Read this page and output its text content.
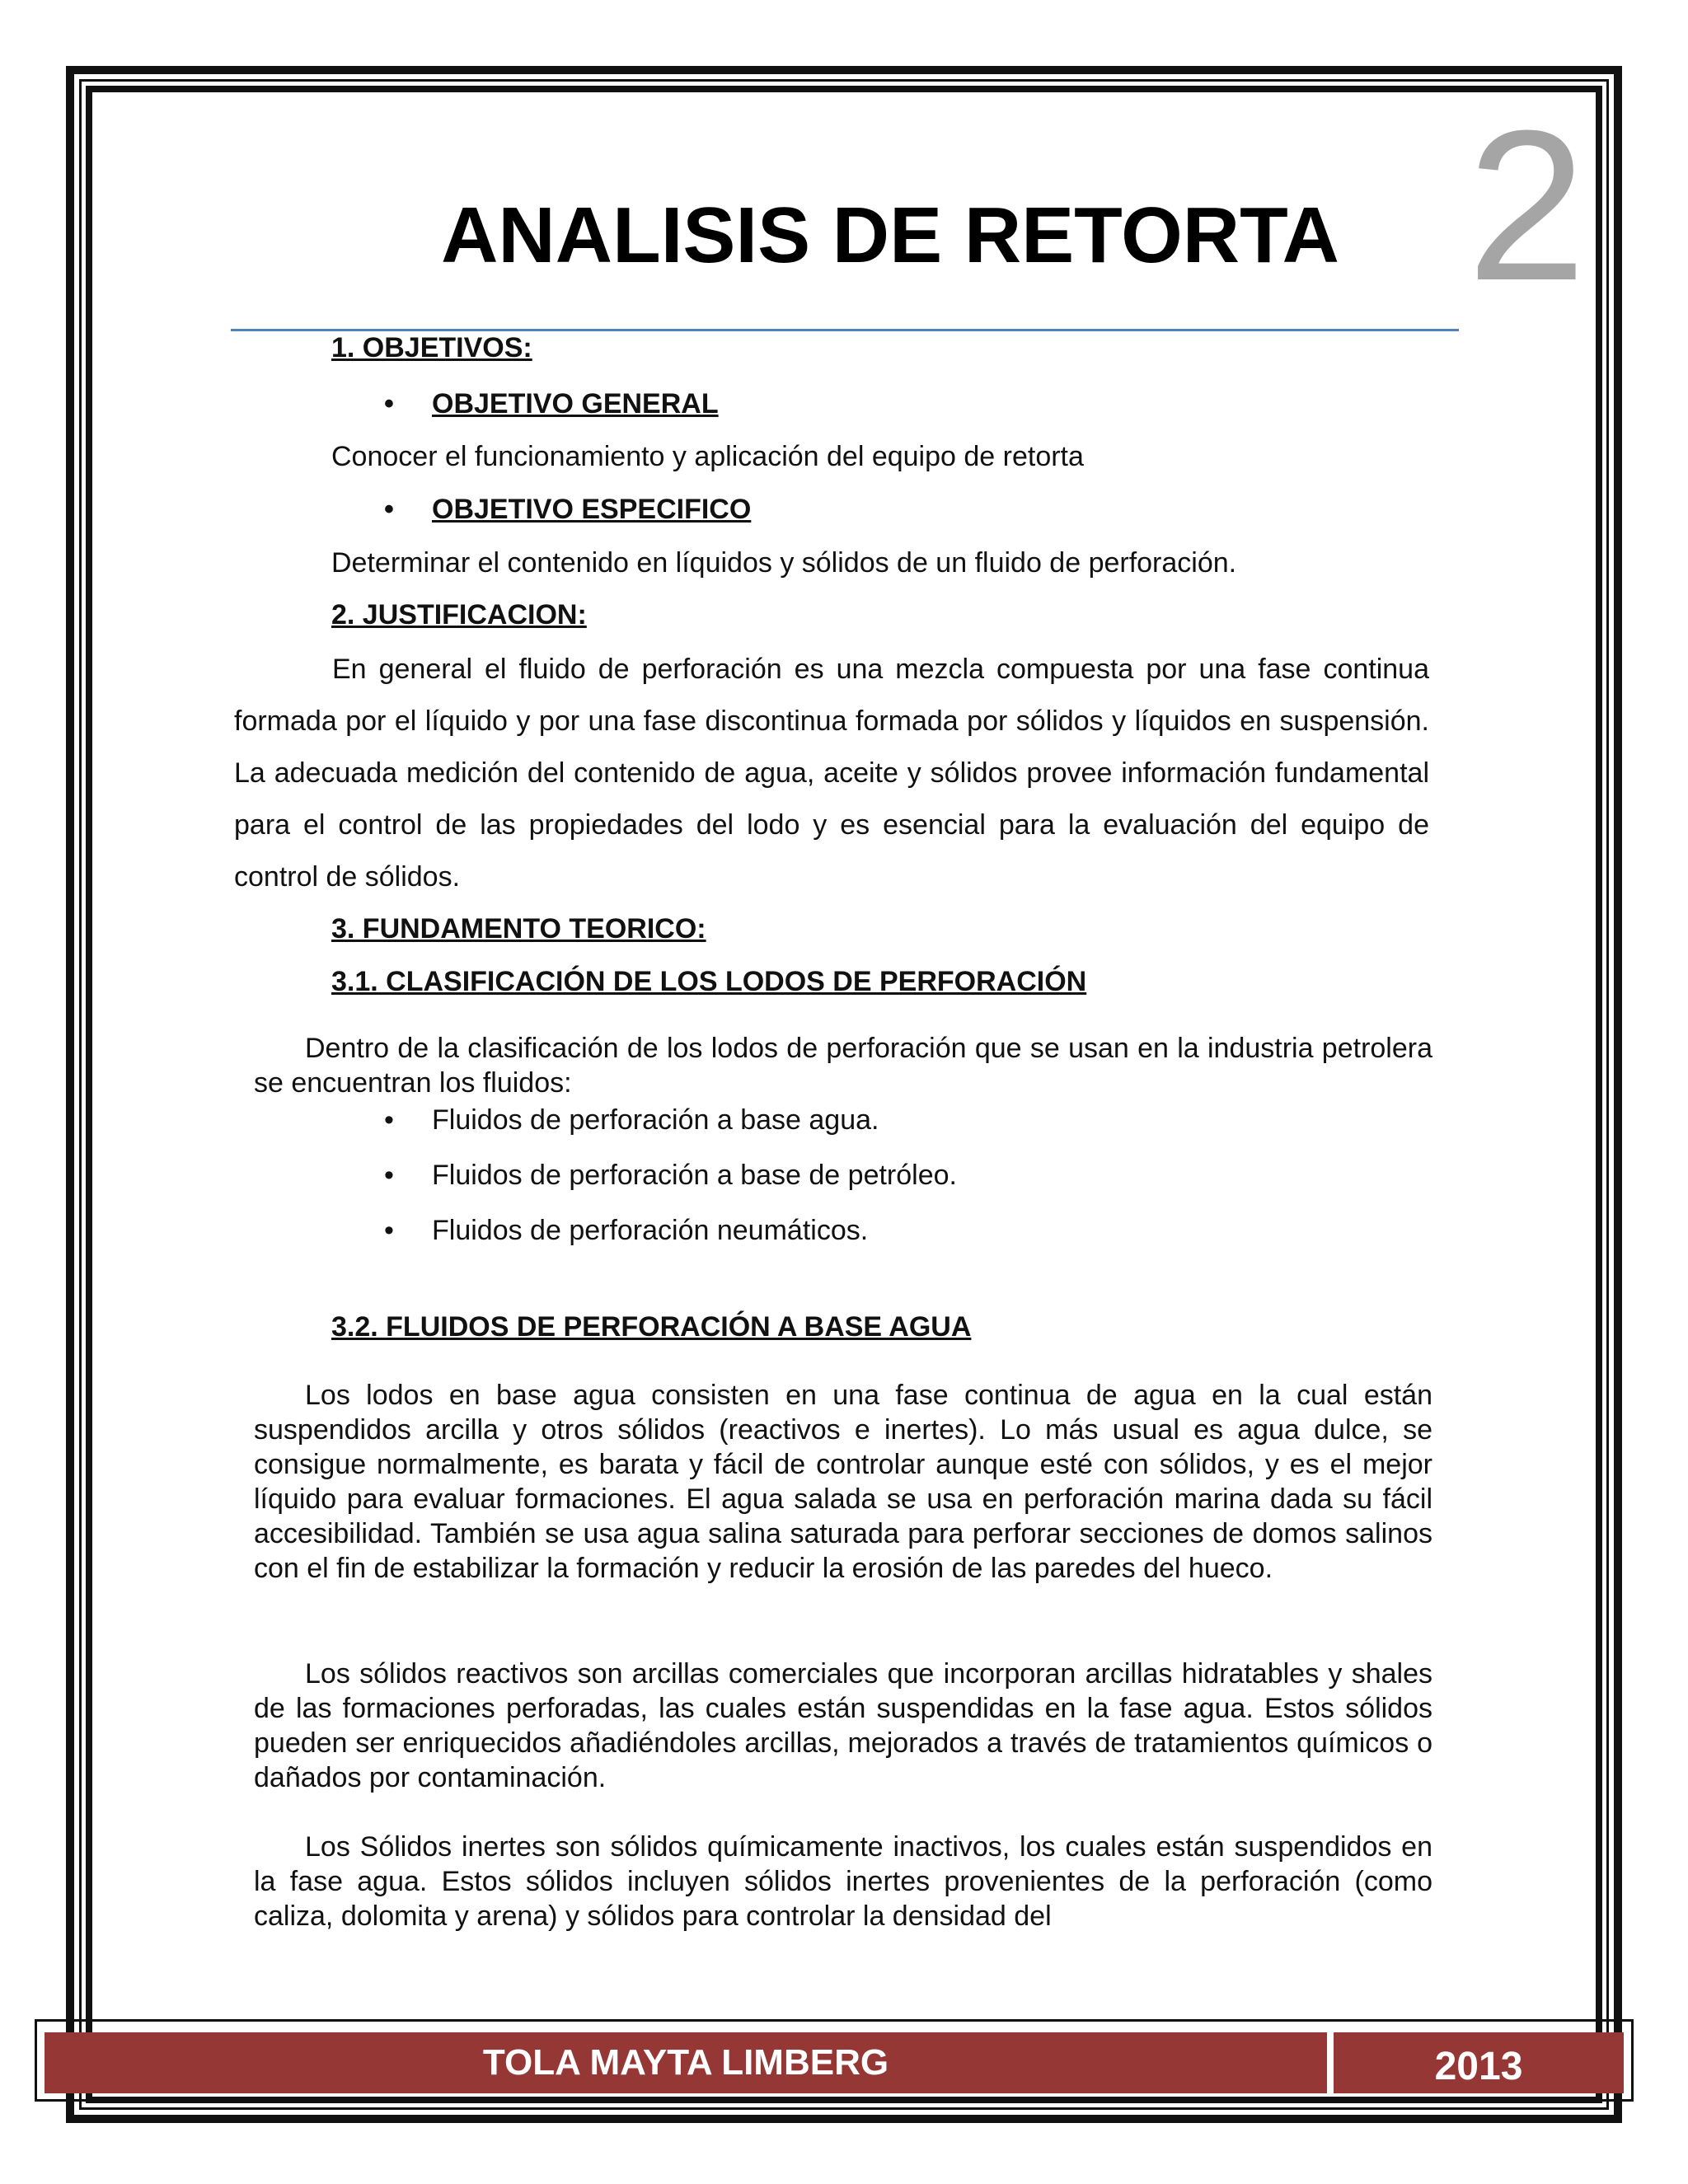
2
ANALISIS DE RETORTA
1. OBJETIVOS:
• OBJETIVO GENERAL
Conocer el funcionamiento y aplicación del equipo de retorta
• OBJETIVO ESPECIFICO
Determinar el contenido en líquidos y sólidos de un fluido de perforación.
2. JUSTIFICACION:

En general el fluido de perforación es una mezcla compuesta por una fase continua formada por el líquido y por una fase discontinua formada por sólidos y líquidos en suspensión. La adecuada medición del contenido de agua, aceite y sólidos provee información fundamental para el control de las propiedades del lodo y es esencial para la evaluación del equipo de control de sólidos.

3. FUNDAMENTO TEORICO:
3.1. CLASIFICACIÓN DE LOS LODOS DE PERFORACIÓN

Dentro de la clasificación de los lodos de perforación que se usan en la industria petrolera se encuentran los fluidos:

• Fluidos de perforación a base agua.
• Fluidos de perforación a base de petróleo.
• Fluidos de perforación neumáticos.
3.2. FLUIDOS DE PERFORACIÓN A BASE AGUA

Los lodos en base agua consisten en una fase continua de agua en la cual están suspendidos arcilla y otros sólidos (reactivos e inertes). Lo más usual es agua dulce, se consigue normalmente, es barata y fácil de controlar aunque esté con sólidos, y es el mejor líquido para evaluar formaciones. El agua salada se usa en perforación marina dada su fácil accesibilidad. También se usa agua salina saturada para perforar secciones de domos salinos con el fin de estabilizar la formación y reducir la erosión de las paredes del hueco.

Los sólidos reactivos son arcillas comerciales que incorporan arcillas hidratables y shales de las formaciones perforadas, las cuales están suspendidas en la fase agua. Estos sólidos pueden ser enriquecidos añadiéndoles arcillas, mejorados a través de tratamientos químicos o dañados por contaminación.

Los Sólidos inertes son sólidos químicamente inactivos, los cuales están suspendidos en la fase agua. Estos sólidos incluyen sólidos inertes provenientes de la perforación (como caliza, dolomita y arena) y sólidos para controlar la densidad del

TOLA MAYTA LIMBERG	2013
